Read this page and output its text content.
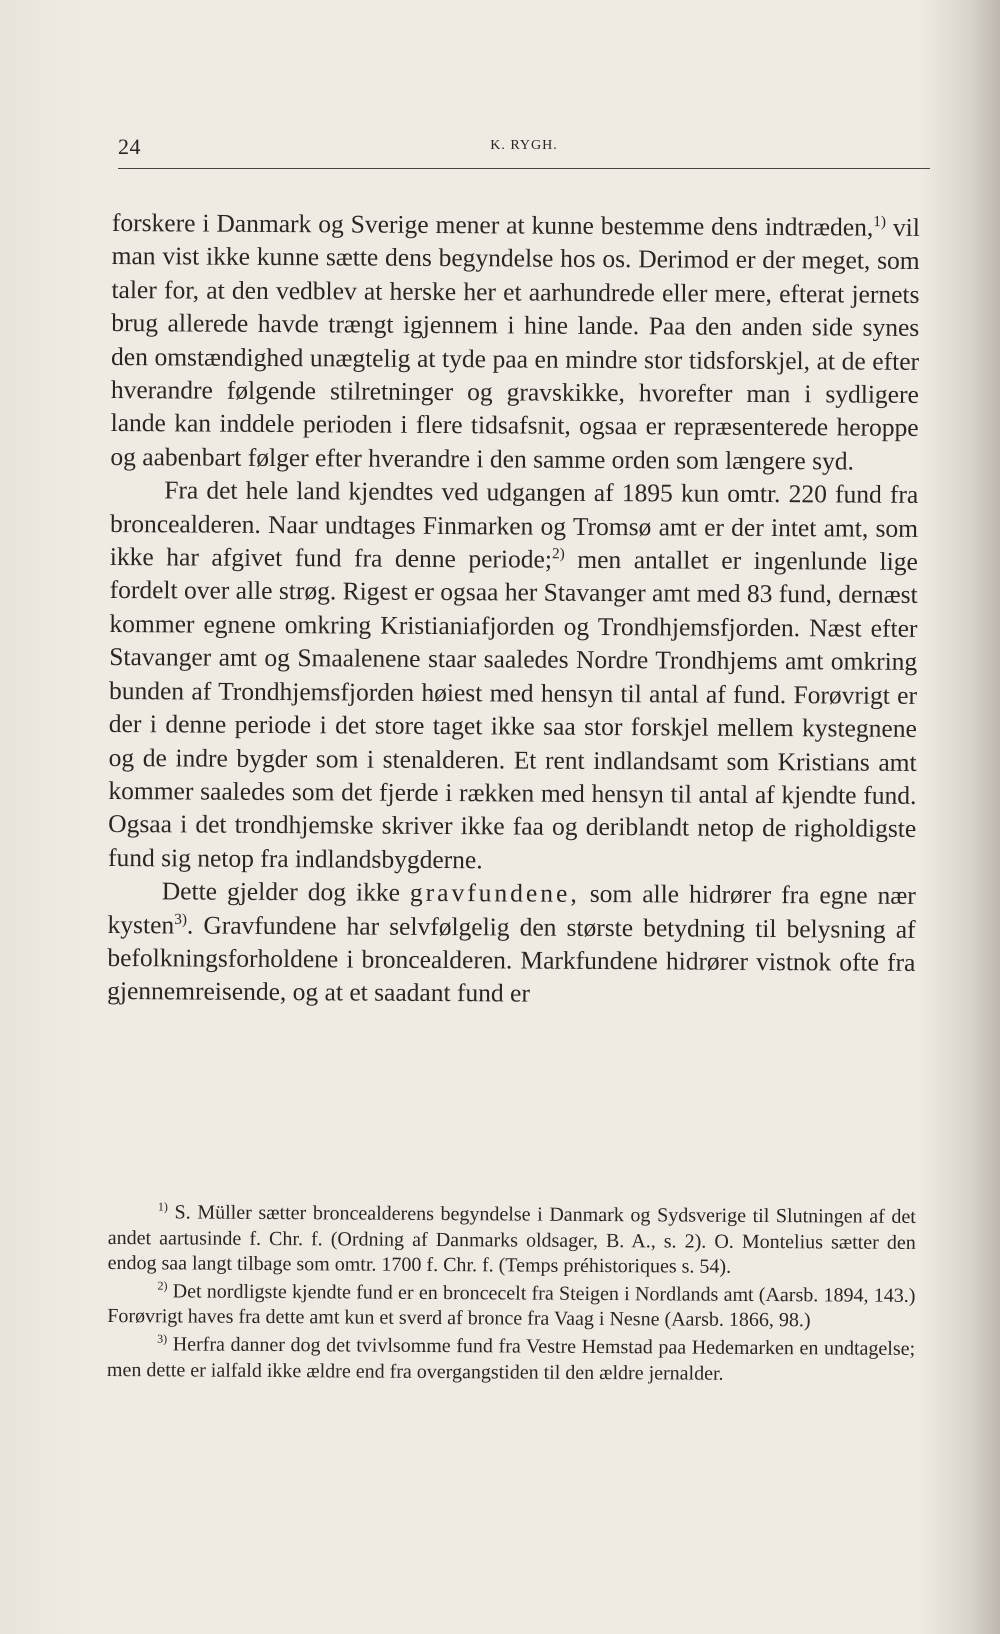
24	K. RYGH.

forskere i Danmark og Sverige mener at kunne bestemme dens indtræden,$^{1)}$ vil man vist ikke kunne sætte dens begyndelse hos os. Derimod er der meget, som taler for, at den vedblev at herske her et aarhundrede eller mere, efterat jernets brug allerede havde trængt igjennem i hine lande. Paa den anden side synes den omstændighed unægtelig at tyde paa en mindre stor tidsforskjel, at de efter hverandre følgende stilretninger og gravskikke, hvorefter man i sydligere lande kan inddele perioden i flere tidsafsnit, ogsaa er repræsenterede heroppe og aabenbart følger efter hverandre i den samme orden som længere syd.

Fra det hele land kjendtes ved udgangen af 1895 kun omtr. 220 fund fra broncealderen. Naar undtages Finmarken og Tromsø amt er der intet amt, som ikke har afgivet fund fra denne periode;$^{2)}$ men antallet er ingenlunde lige fordelt over alle strøg. Rigest er ogsaa her Stavanger amt med 83 fund, dernæst kommer egnene omkring Kristianiafjorden og Trondhjemsfjorden. Næst efter Stavanger amt og Smaalenene staar saaledes Nordre Trondhjems amt omkring bunden af Trondhjemsfjorden høiest med hensyn til antal af fund. Forøvrigt er der i denne periode i det store taget ikke saa stor forskjel mellem kystegnene og de indre bygder som i stenalderen. Et rent indlandsamt som Kristians amt kommer saaledes som det fjerde i rækken med hensyn til antal af kjendte fund. Ogsaa i det trondhjemske skriver ikke faa og deriblandt netop de righoldigste fund sig netop fra indlandsbygderne.

Dette gjelder dog ikke gravfundene, som alle hidrører fra egne nær kysten$^{3)}$. Gravfundene har selvfølgelig den største betydning til belysning af befolkningsforholdene i broncealderen. Markfundene hidrører vistnok ofte fra gjennemreisende, og at et saadant fund er

$^{1)}$ S. Müller sætter broncealderens begyndelse i Danmark og Sydsverige til Slutningen af det andet aartusinde f. Chr. f. (Ordning af Danmarks oldsager, B. A., s. 2). O. Montelius sætter den endog saa langt tilbage som omtr. 1700 f. Chr. f. (Temps préhistoriques s. 54).

$^{2)}$ Det nordligste kjendte fund er en broncecelt fra Steigen i Nordlands amt (Aarsb. 1894, 143.) Forøvrigt haves fra dette amt kun et sverd af bronce fra Vaag i Nesne (Aarsb. 1866, 98.)

$^{3)}$ Herfra danner dog det tvivlsomme fund fra Vestre Hemstad paa Hedemarken en undtagelse; men dette er ialfald ikke ældre end fra overgangstiden til den ældre jernalder.
